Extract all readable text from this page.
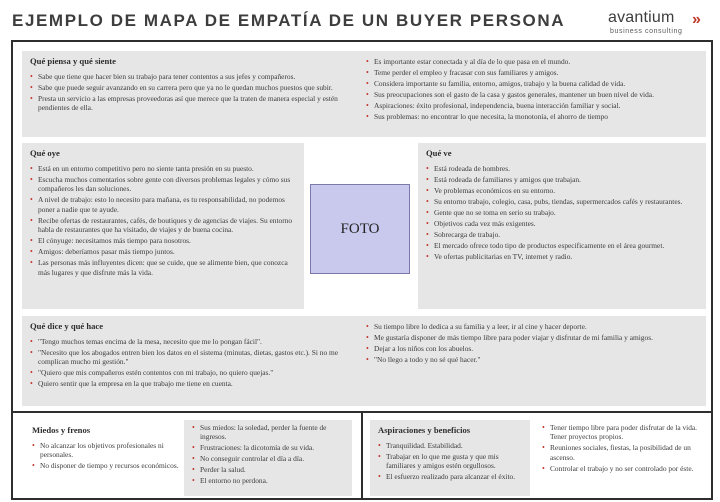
EJEMPLO DE MAPA DE EMPATÍA DE UN BUYER PERSONA	avantium »
business consulting
Qué piensa y qué siente
• Sabe que tiene que hacer bien su trabajo para tener contentos a sus jefes y compañeros.
• Sabe que puede seguir avanzando en su carrera pero que ya no le quedan muchos puestos que subir.
• Presta un servicio a las empresas proveedoras así que merece que la traten de manera especial y estén pendientes de ella.
• Es importante estar conectada y al día de lo que pasa en el mundo.
• Teme perder el empleo y fracasar con sus familiares y amigos.
• Considera importante su familia, entorno, amigos, trabajo y la buena calidad de vida.
• Sus preocupaciones son el gasto de la casa y gastos generales, mantener un buen nivel de vida.
• Aspiraciones: éxito profesional, independencia, buena interacción familiar y social.
• Sus problemas: no encontrar lo que necesita, la monotonía, el ahorro de tiempo
Qué oye
• Está en un entorno competitivo pero no siente tanta presión en su puesto.
• Escucha muchos comentarios sobre gente con diversos problemas legales y cómo sus compañeros les dan soluciones.
• A nivel de trabajo: esto lo necesito para mañana, es tu responsabilidad, no podemos poner a nadie que te ayude.
• Recibe ofertas de restaurantes, cafés, de boutiques y de agencias de viajes. Su entorno habla de restaurantes que ha visitado, de viajes y de buena cocina.
• El cónyuge: necesitamos más tiempo para nosotros.
• Amigos: deberíamos pasar más tiempo juntos.
• Las personas más influyentes dicen: que se cuide, que se alimente bien, que conozca más lugares y que disfrute más la vida.
FOTO
Qué ve
• Está rodeada de hombres.
• Está rodeada de familiares y amigos que trabajan.
• Ve problemas económicos en su entorno.
• Su entorno trabajo, colegio, casa, pubs, tiendas, supermercados cafés y restaurantes.
• Gente que no se toma en serio su trabajo.
• Objetivos cada vez más exigentes.
• Sobrecarga de trabajo.
• El mercado ofrece todo tipo de productos especificamente en el área gourmet.
• Ve ofertas publicitarias en TV, internet y radio.
Qué dice y qué hace
• "Tengo muchos temas encima de la mesa, necesito que me lo pongan fácil".
• "Necesito que los abogados entren bien los datos en el sistema (minutas, dietas, gastos etc.). Si no me complican mucho mi gestión."
• "Quiero que mis compañeros estén contentos con mi trabajo, no quiero quejas."
• Quiero sentir que la empresa en la que trabajo me tiene en cuenta.
• Su tiempo libre lo dedica a su familia y a leer, ir al cine y hacer deporte.
• Me gustaría disponer de más tiempo libre para poder viajar y disfrutar de mi familia y amigos.
• Dejar a los niños con los abuelos.
• "No llego a todo y no sé qué hacer."
Miedos y frenos
• No alcanzar los objetivos profesionales ni personales.
• No disponer de tiempo y recursos económicos.
• Sus miedos: la soledad, perder la fuente de ingresos.
• Frustraciones: la dicotomía de su vida.
• No conseguir controlar el día a día.
• Perder la salud.
• El entorno no perdona.
Aspiraciones y beneficios
• Tranquilidad. Estabilidad.
• Trabajar en lo que me gusta y que mis familiares y amigos estén orgullosos.
• El esfuerzo realizado para alcanzar el éxito.
• Tener tiempo libre para poder disfrutar de la vida. Tener proyectos propios.
• Reuniones sociales, fiestas, la posibilidad de un ascenso.
• Controlar el trabajo y no ser controlado por éste.
